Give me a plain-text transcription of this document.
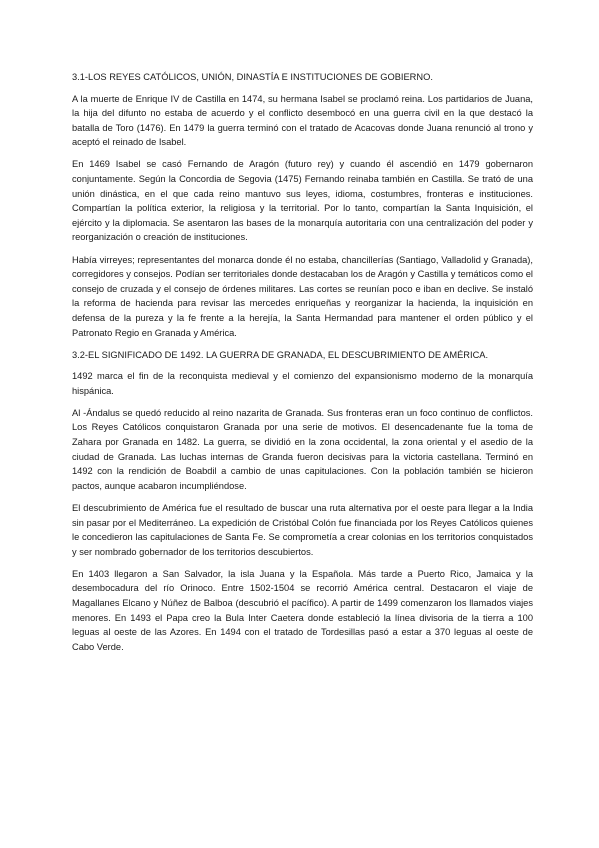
3.1-LOS REYES CATÓLICOS, UNIÓN, DINASTÍA E INSTITUCIONES DE GOBIERNO.

A la muerte de Enrique IV de Castilla en 1474, su hermana Isabel se proclamó reina. Los partidarios de Juana, la hija del difunto no estaba de acuerdo y el conflicto desembocó en una guerra civil en la que destacó la batalla de Toro (1476). En 1479 la guerra terminó con el tratado de Acacovas donde Juana renunció al trono y aceptó el reinado de Isabel.

En 1469 Isabel se casó Fernando de Aragón (futuro rey) y cuando él ascendió en 1479 gobernaron conjuntamente. Según la Concordia de Segovia (1475) Fernando reinaba también en Castilla. Se trató de una unión dinástica, en el que cada reino mantuvo sus leyes, idioma, costumbres, fronteras e instituciones. Compartían la política exterior, la religiosa y la territorial. Por lo tanto, compartían la Santa Inquisición, el ejército y la diplomacia. Se asentaron las bases de la monarquía autoritaria con una centralización del poder y reorganización o creación de instituciones.

Había virreyes; representantes del monarca donde él no estaba, chancillerías (Santiago, Valladolid y Granada), corregidores y consejos. Podían ser territoriales donde destacaban los de Aragón y Castilla y temáticos como el consejo de cruzada y el consejo de órdenes militares. Las cortes se reunían poco e iban en declive. Se instaló la reforma de hacienda para revisar las mercedes enriqueñas y reorganizar la hacienda, la inquisición en defensa de la pureza y la fe frente a la herejía, la Santa Hermandad para mantener el orden público y el Patronato Regio en Granada y América.

3.2-EL SIGNIFICADO DE 1492. LA GUERRA DE GRANADA, EL DESCUBRIMIENTO DE AMÉRICA.

1492 marca el fin de la reconquista medieval y el comienzo del expansionismo moderno de la monarquía hispánica.

Al -Ándalus se quedó reducido al reino nazarita de Granada. Sus fronteras eran un foco continuo de conflictos. Los Reyes Católicos conquistaron Granada por una serie de motivos. El desencadenante fue la toma de Zahara por Granada en 1482. La guerra, se dividió en la zona occidental, la zona oriental y el asedio de la ciudad de Granada. Las luchas internas de Granda fueron decisivas para la victoria castellana. Terminó en 1492 con la rendición de Boabdil a cambio de unas capitulaciones. Con la población también se hicieron pactos, aunque acabaron incumpliéndose.

El descubrimiento de América fue el resultado de buscar una ruta alternativa por el oeste para llegar a la India sin pasar por el Mediterráneo. La expedición de Cristóbal Colón fue financiada por los Reyes Católicos quienes le concedieron las capitulaciones de Santa Fe. Se comprometía a crear colonias en los territorios conquistados y ser nombrado gobernador de los territorios descubiertos.

En 1403 llegaron a San Salvador, la isla Juana y la Española. Más tarde a Puerto Rico, Jamaica y la desembocadura del río Orinoco. Entre 1502-1504 se recorrió América central. Destacaron el viaje de Magallanes Elcano y Núñez de Balboa (descubrió el pacífico). A partir de 1499 comenzaron los llamados viajes menores. En 1493 el Papa creo la Bula Inter Caetera donde estableció la línea divisoria de la tierra a 100 leguas al oeste de las Azores. En 1494 con el tratado de Tordesillas pasó a estar a 370 leguas al oeste de Cabo Verde.
